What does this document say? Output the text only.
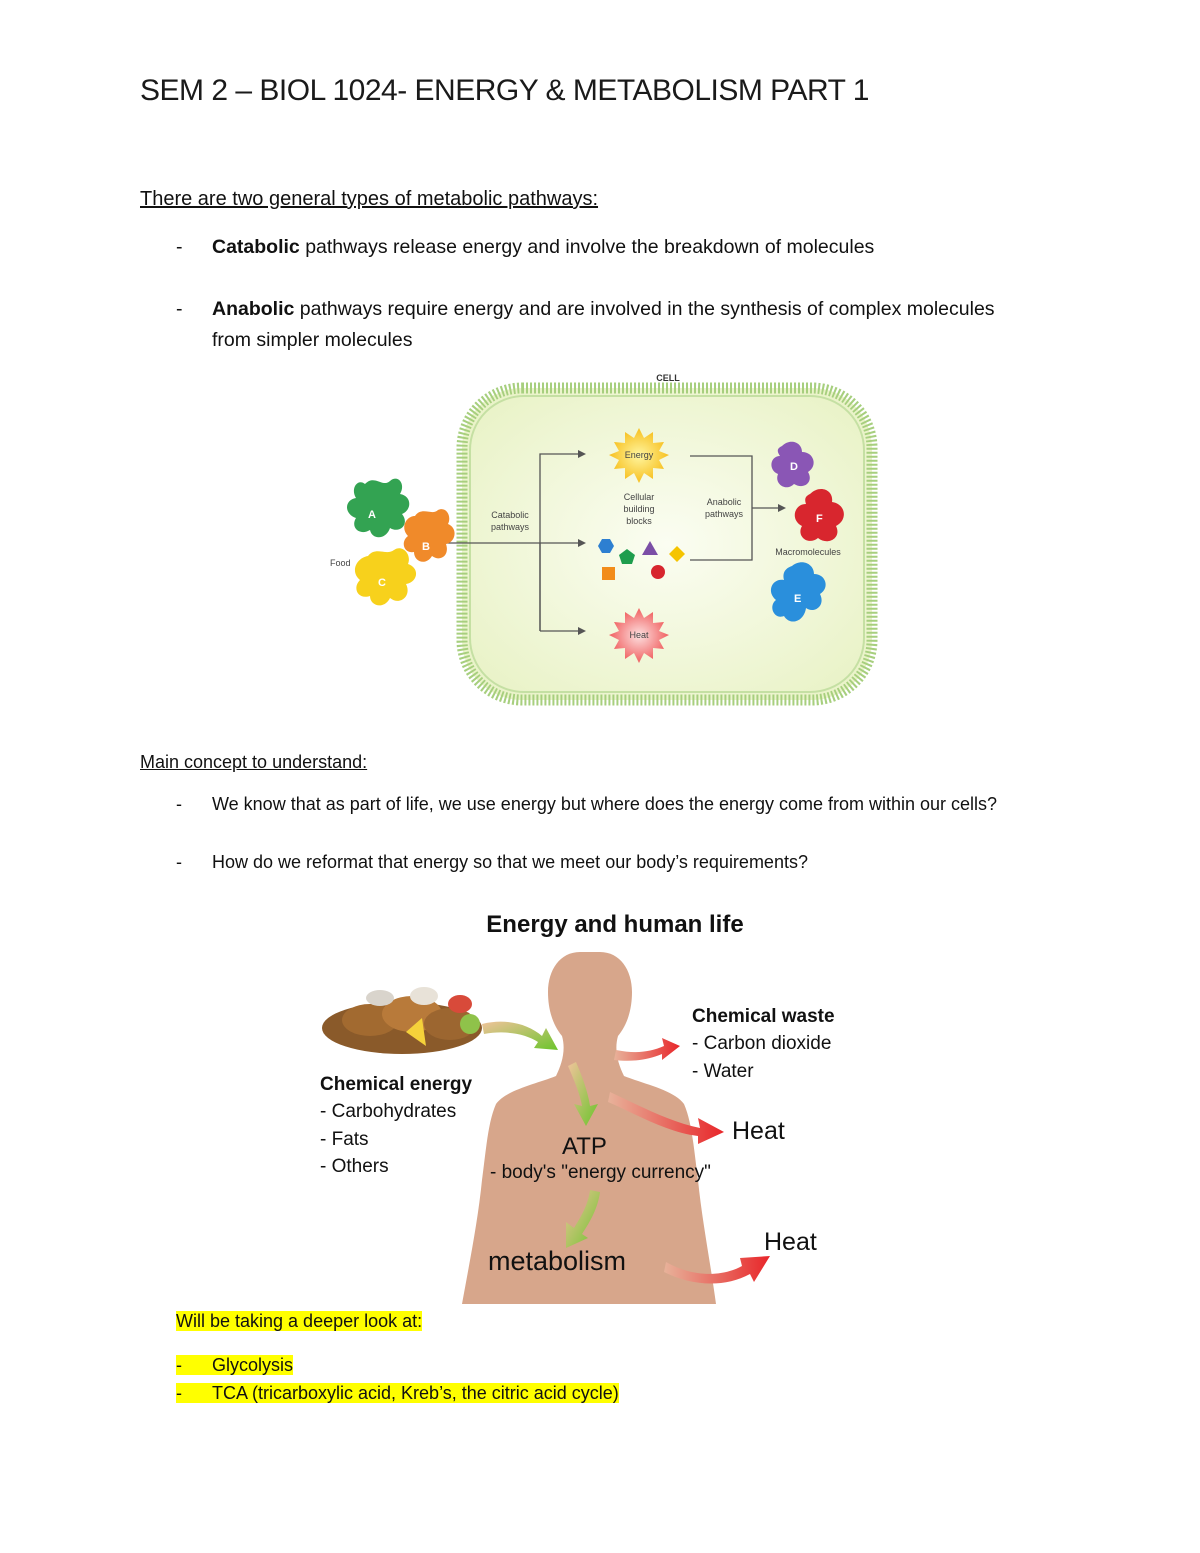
SEM 2 – BIOL 1024- ENERGY & METABOLISM PART 1
There are two general types of metabolic pathways:
- Catabolic pathways release energy and involve the breakdown of molecules
- Anabolic pathways require energy and are involved in the synthesis of complex molecules from simpler molecules
CELL
Energy
Heat
Catabolic
pathways
Anabolic
pathways
Cellular
building
blocks
A
B
C
Food
D
F
Macromolecules
E
Main concept to understand:
- We know that as part of life, we use energy but where does the energy come from within our cells?
- How do we reformat that energy so that we meet our body’s requirements?
Energy and human life
Chemical energy
- Carbohydrates
- Fats
- Others
Chemical waste
- Carbon dioxide
- Water
Heat
Heat
ATP
- body's "energy currency"
metabolism
Will be taking a deeper look at:
- Glycolysis
- TCA (tricarboxylic acid, Kreb’s, the citric acid cycle)
